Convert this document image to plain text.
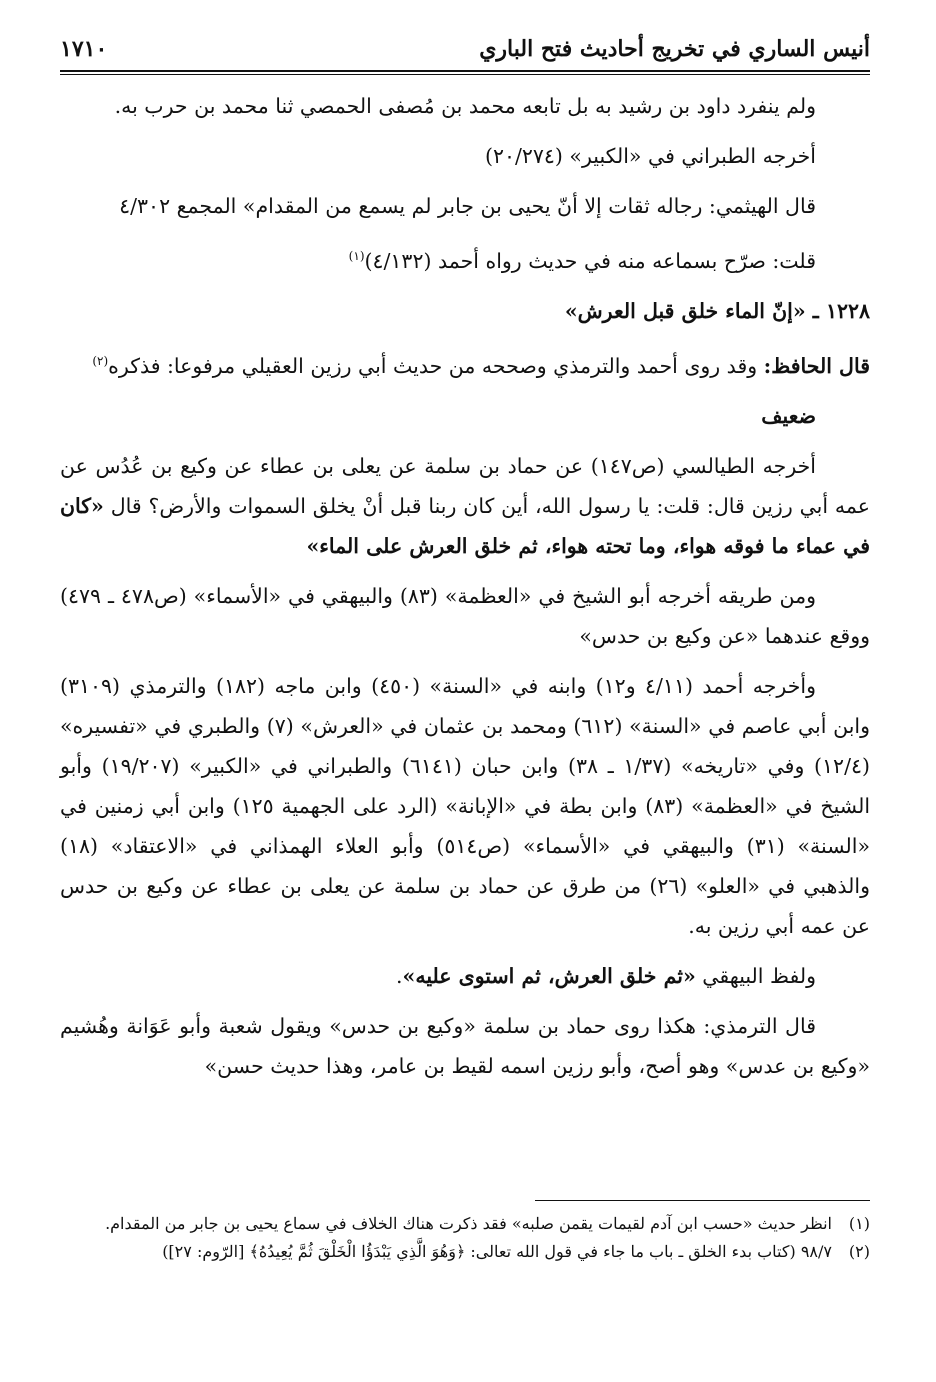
أنيس الساري في تخريج أحاديث فتح الباري
١٧١٠

ولم ينفرد داود بن رشيد به بل تابعه محمد بن مُصفى الحمصي ثنا محمد بن حرب به.

أخرجه الطبراني في «الكبير» (٢٠/٢٧٤)

قال الهيثمي: رجاله ثقات إلا أنّ يحيى بن جابر لم يسمع من المقدام» المجمع ٤/٣٠٢

قلت: صرّح بسماعه منه في حديث رواه أحمد (٤/١٣٢)$^{(١)}$

١٢٢٨ ـ «إنّ الماء خلق قبل العرش»

قال الحافظ: وقد روى أحمد والترمذي وصححه من حديث أبي رزين العقيلي مرفوعا: فذكره$^{(٢)}$

ضعيف

أخرجه الطيالسي (ص١٤٧) عن حماد بن سلمة عن يعلى بن عطاء عن وكيع بن عُدُس عن عمه أبي رزين قال: قلت: يا رسول الله، أين كان ربنا قبل أنْ يخلق السموات والأرض؟ قال «كان في عماء ما فوقه هواء، وما تحته هواء، ثم خلق العرش على الماء»

ومن طريقه أخرجه أبو الشيخ في «العظمة» (٨٣) والبيهقي في «الأسماء» (ص٤٧٨ ـ ٤٧٩) ووقع عندهما «عن وكيع بن حدس»

وأخرجه أحمد (٤/١١ و١٢) وابنه في «السنة» (٤٥٠) وابن ماجه (١٨٢) والترمذي (٣١٠٩) وابن أبي عاصم في «السنة» (٦١٢) ومحمد بن عثمان في «العرش» (٧) والطبري في «تفسيره» (١٢/٤) وفي «تاريخه» (١/٣٧ ـ ٣٨) وابن حبان (٦١٤١) والطبراني في «الكبير» (١٩/٢٠٧) وأبو الشيخ في «العظمة» (٨٣) وابن بطة في «الإبانة» (الرد على الجهمية ١٢٥) وابن أبي زمنين في «السنة» (٣١) والبيهقي في «الأسماء» (ص٥١٤) وأبو العلاء الهمذاني في «الاعتقاد» (١٨) والذهبي في «العلو» (٢٦) من طرق عن حماد بن سلمة عن يعلى بن عطاء عن وكيع بن حدس عن عمه أبي رزين به.

ولفظ البيهقي «ثم خلق العرش، ثم استوى عليه».

قال الترمذي: هكذا روى حماد بن سلمة «وكيع بن حدس» ويقول شعبة وأبو عَوَانة وهُشيم «وكيع بن عدس» وهو أصح، وأبو رزين اسمه لقيط بن عامر، وهذا حديث حسن»

(١)
انظر حديث «حسب ابن آدم لقيمات يقمن صلبه» فقد ذكرت هناك الخلاف في سماع يحيى بن جابر من المقدام.
(٢)
٩٨/٧ (كتاب بدء الخلق ـ باب ما جاء في قول الله تعالى: ﴿وَهُوَ الَّذِي يَبْدَؤُا الْخَلْقَ ثُمَّ يُعِيدُهُ﴾ [الرّوم: ٢٧])
